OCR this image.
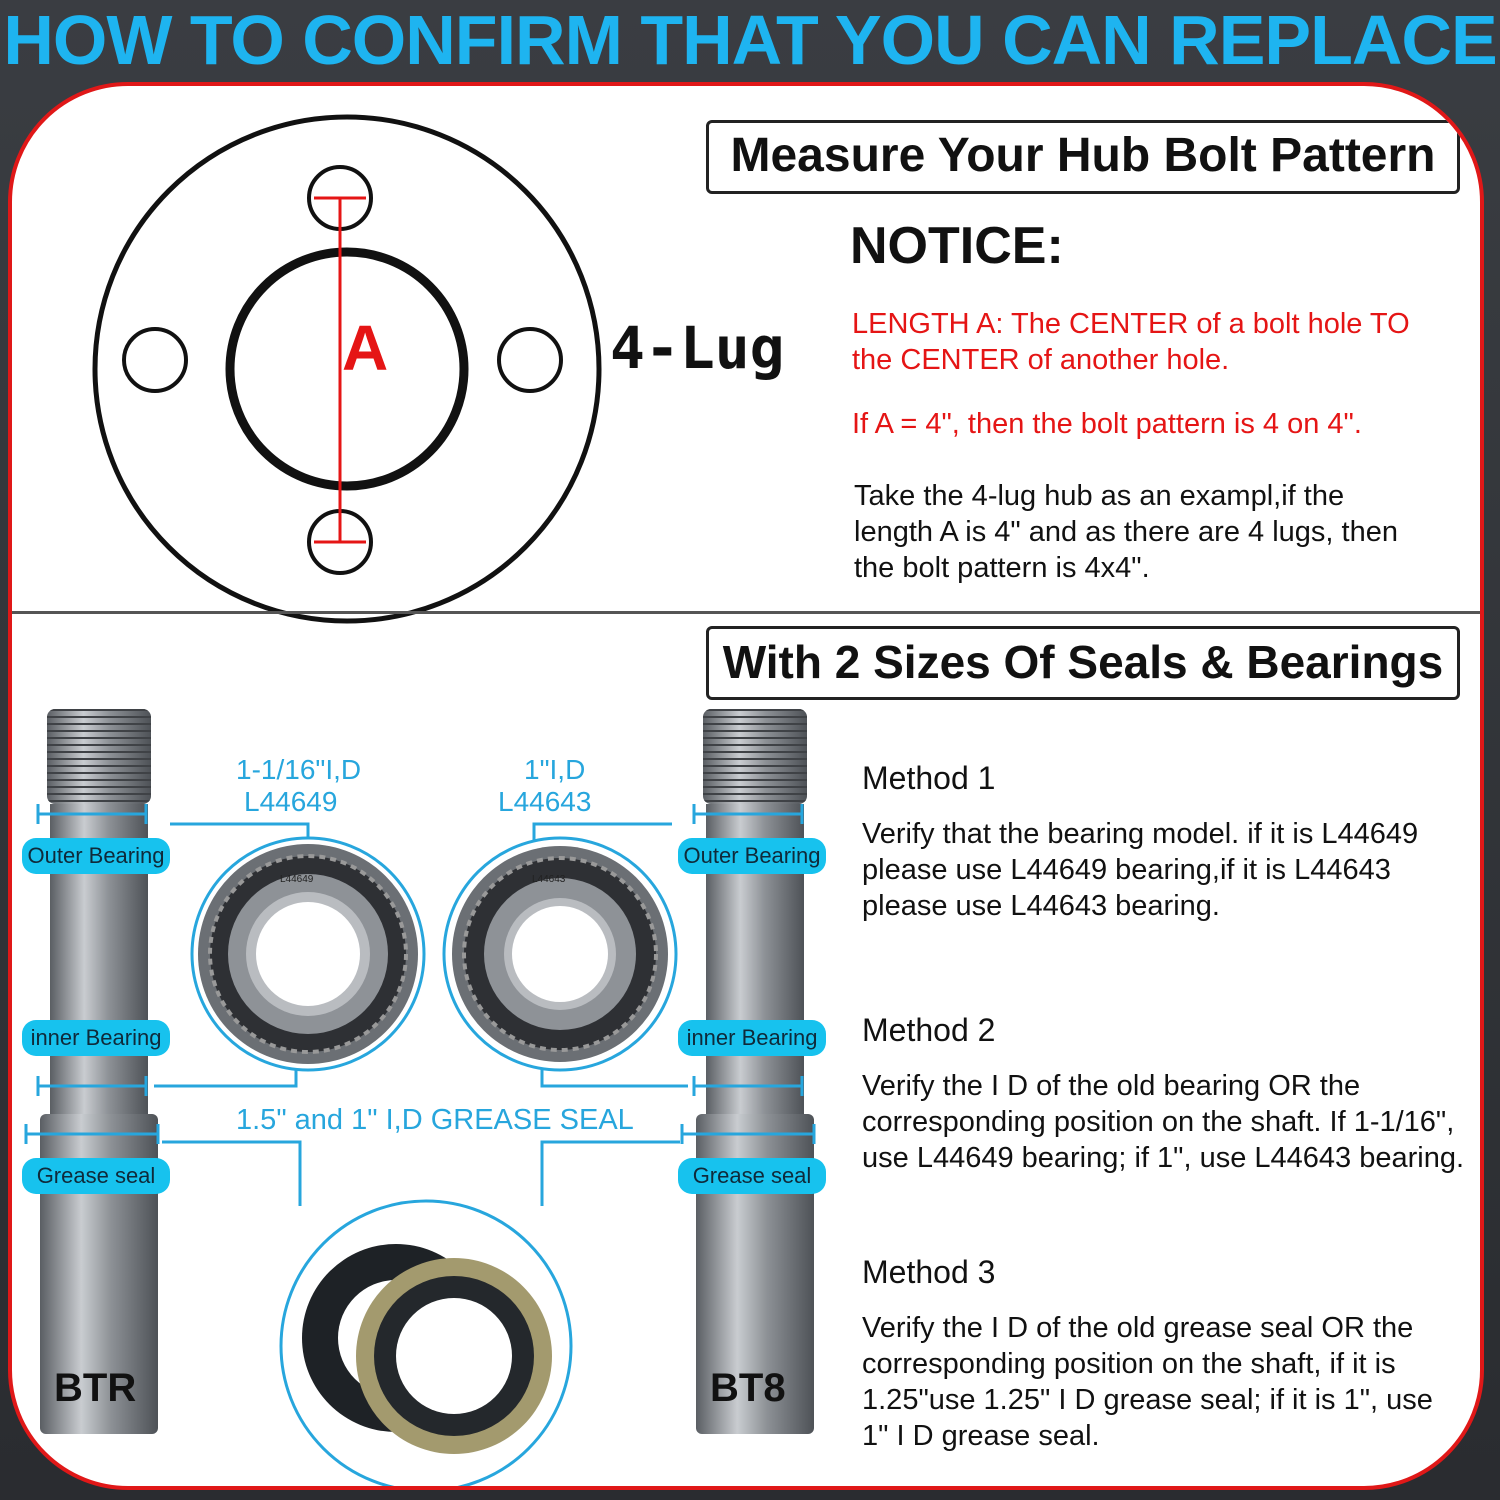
HOW TO CONFIRM THAT YOU CAN REPLACE
A	4-Lug
Measure Your Hub Bolt Pattern
NOTICE:
LENGTH A: The CENTER of a bolt hole TO
the CENTER of another hole.
If A = 4", then the bolt pattern is 4 on 4".
Take the 4-lug hub as an exampl,if the
length A is 4" and as there are 4 lugs, then
the bolt pattern is 4x4".
With 2 Sizes Of Seals & Bearings
Outer Bearing
inner Bearing
Grease seal
Outer Bearing
inner Bearing
Grease seal
BTR	BT8
1-1/16"I,D
L44649
1"I,D
L44643
L44649	L44643
1.5" and 1" I,D GREASE SEAL
Method 1
Verify that the bearing model. if it is L44649
please use L44649 bearing,if it is L44643
please use L44643 bearing.
Method 2
Verify the I D of the old bearing OR the
corresponding position on the shaft. If 1-1/16",
use L44649 bearing; if 1", use L44643 bearing.
Method 3
Verify the I D of the old grease seal OR the
corresponding position on the shaft, if it is
1.25"use 1.25" I D grease seal; if it is 1", use
1" I D grease seal.
